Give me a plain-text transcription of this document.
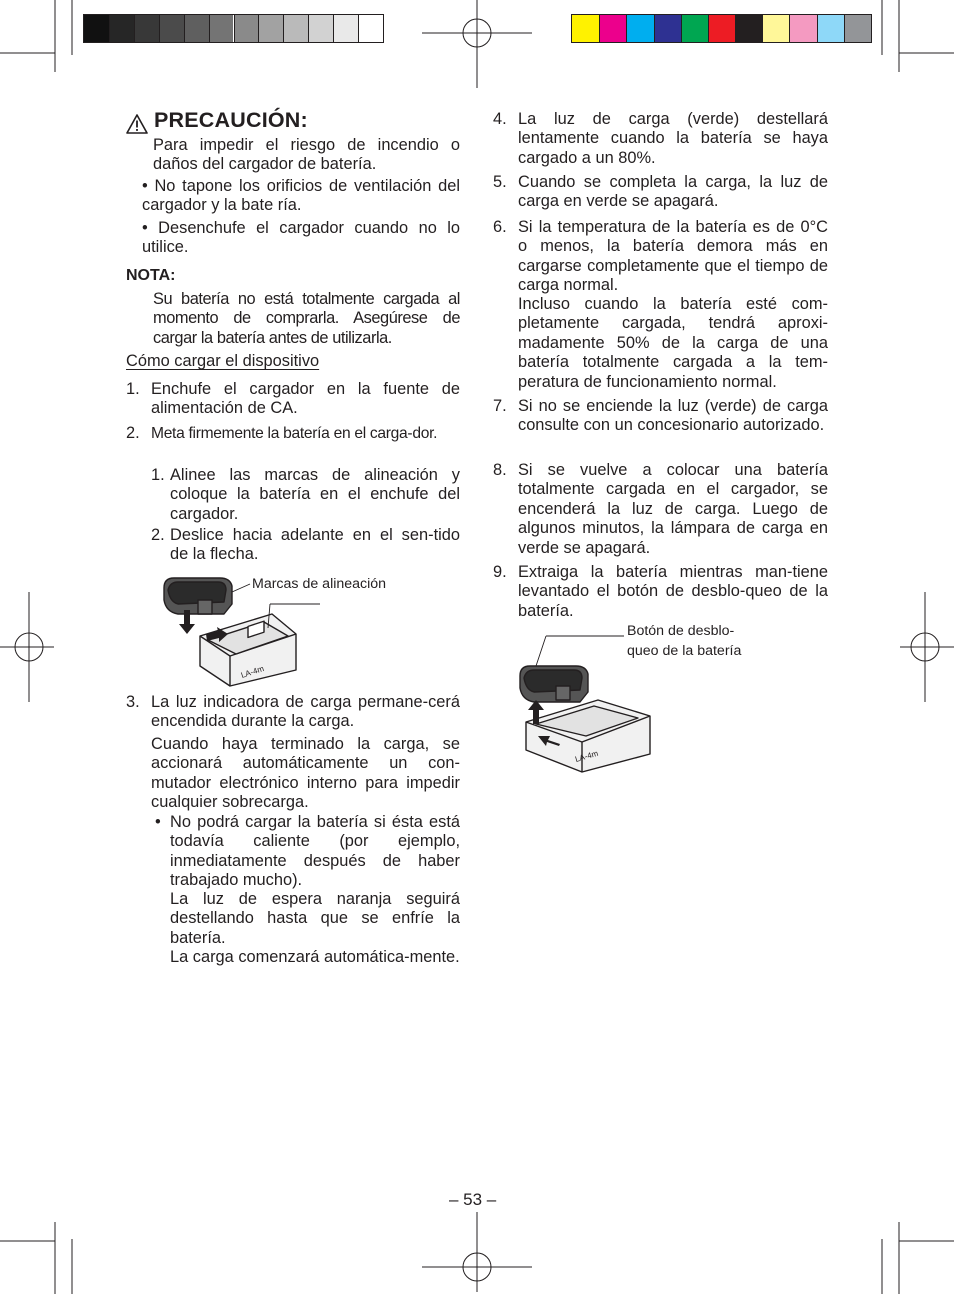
PRECAUCIÓN:
Para impedir el riesgo de incendio o daños del cargador de batería.
• No tapone los orificios de ventilación del cargador y la bate ría.
• Desenchufe el cargador cuando no lo utilice.
NOTA:
Su batería no está totalmente cargada al momento de comprarla. Asegúrese de cargar la batería antes de utilizarla.
Cómo cargar el dispositivo
1. Enchufe el cargador en la fuente de alimentación de CA.
2. Meta firmemente la batería en el carga-dor.
1. Alinee las marcas de alineación y coloque la batería en el enchufe del cargador.
2. Deslice hacia adelante en el sen-tido de la flecha.
LA-4m
Marcas de alineación
3. La luz indicadora de carga permane-cerá encendida durante la carga.
Cuando haya terminado la carga, se accionará automáticamente un con-mutador electrónico interno para impedir cualquier sobrecarga.
• No podrá cargar la batería si ésta está todavía caliente (por ejemplo, inmediatamente después de haber trabajado mucho).
La luz de espera naranja seguirá destellando hasta que se enfríe la batería.
La carga comenzará automática-mente.
4. La luz de carga (verde) destellará lentamente cuando la batería se haya cargado a un 80%.
5. Cuando se completa la carga, la luz de carga en verde se apagará.
6. Si la temperatura de la batería es de 0°C o menos, la batería demora más en cargarse completamente que el tiempo de carga normal.
Incluso cuando la batería esté com-pletamente cargada, tendrá aproxi-madamente 50% de la carga de una batería totalmente cargada a la tem-peratura de funcionamiento normal.
7. Si no se enciende la luz (verde) de carga consulte con un concesionario autorizado.
8. Si se vuelve a colocar una batería totalmente cargada en el cargador, se encenderá la luz de carga. Luego de algunos minutos, la lámpara de carga en verde se apagará.
9. Extraiga la batería mientras man-tiene levantado el botón de desblo-queo de la batería.
LA-4m
Botón de desblo-
queo de la batería
– 53 –
